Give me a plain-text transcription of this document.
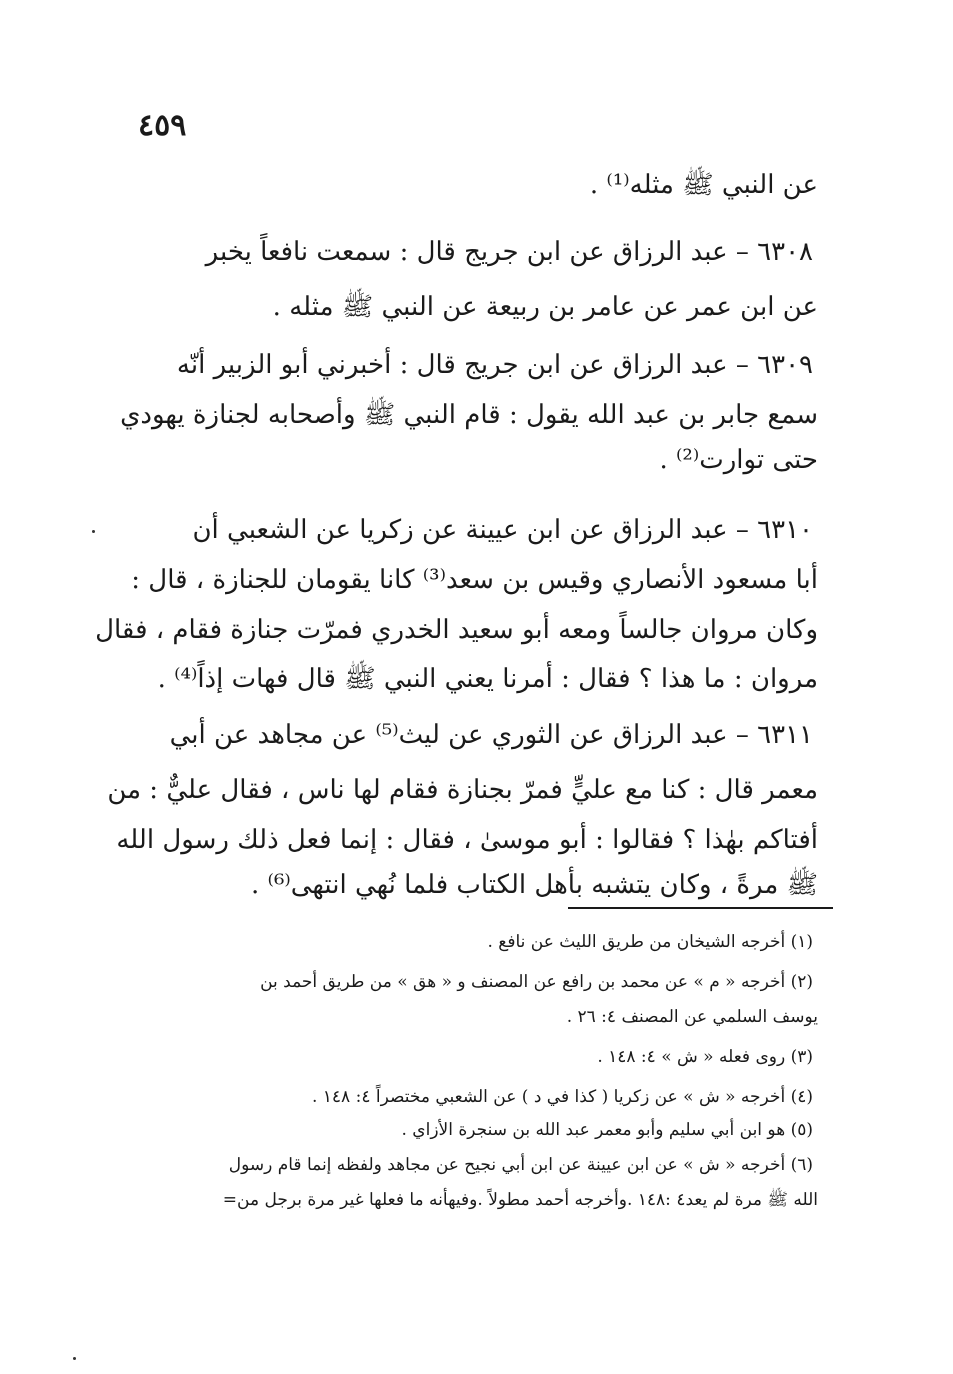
٤٥٩
عن النبي ﷺ مثله⁽¹⁾ .
٦٣٠٨ – عبد الرزاق عن ابن جريج قال : سمعت نافعاً يخبر
عن ابن عمر عن عامر بن ربيعة عن النبي ﷺ مثله .
٦٣٠٩ – عبد الرزاق عن ابن جريج قال : أخبرني أبو الزبير أنّه
سمع جابر بن عبد الله يقول : قام النبي ﷺ وأصحابه لجنازة يهودي
حتى توارت⁽²⁾ .
٦٣١٠ – عبد الرزاق عن ابن عيينة عن زكريا عن الشعبي أن
أبا مسعود الأنصاري وقيس بن سعد⁽³⁾ كانا يقومان للجنازة ، قال :
وكان مروان جالساً ومعه أبو سعيد الخدري فمرّت جنازة فقام ، فقال
مروان : ما هذا ؟ فقال : أمرنا يعني النبي ﷺ قال فهات إذاً⁽⁴⁾ .
٦٣١١ – عبد الرزاق عن الثوري عن ليث⁽⁵⁾ عن مجاهد عن أبي
معمر قال : كنا مع عليٍّ فمرّ بجنازة فقام لها ناس ، فقال عليٌّ : من
أفتاكم بهٰذا ؟ فقالوا : أبو موسىٰ ، فقال : إنما فعل ذلك رسول الله
ﷺ مرةً ، وكان يتشبه بأهل الكتاب فلما نُهي انتهى⁽⁶⁾ .
(١) أخرجه الشيخان من طريق الليث عن نافع .
(٢) أخرجه « م » عن محمد بن رافع عن المصنف و « هق » من طريق أحمد بن
يوسف السلمي عن المصنف ٤: ٢٦ .
(٣) روى فعله « ش » ٤: ١٤٨ .
(٤) أخرجه « ش » عن زكريا ( كذا في د ) عن الشعبي مختصراً ٤: ١٤٨ .
(٥) هو ابن أبي سليم وأبو معمر عبد الله بن سنجرة الأزاي .
(٦) أخرجه « ش » عن ابن عيينة عن ابن أبي نجيح عن مجاهد ولفظه إنما قام رسول
الله ﷺ مرة لم يعد٤ :١٤٨ .وأخرجه أحمد مطولاً .وفيهأنه ما فعلها غير مرة برجل من=
